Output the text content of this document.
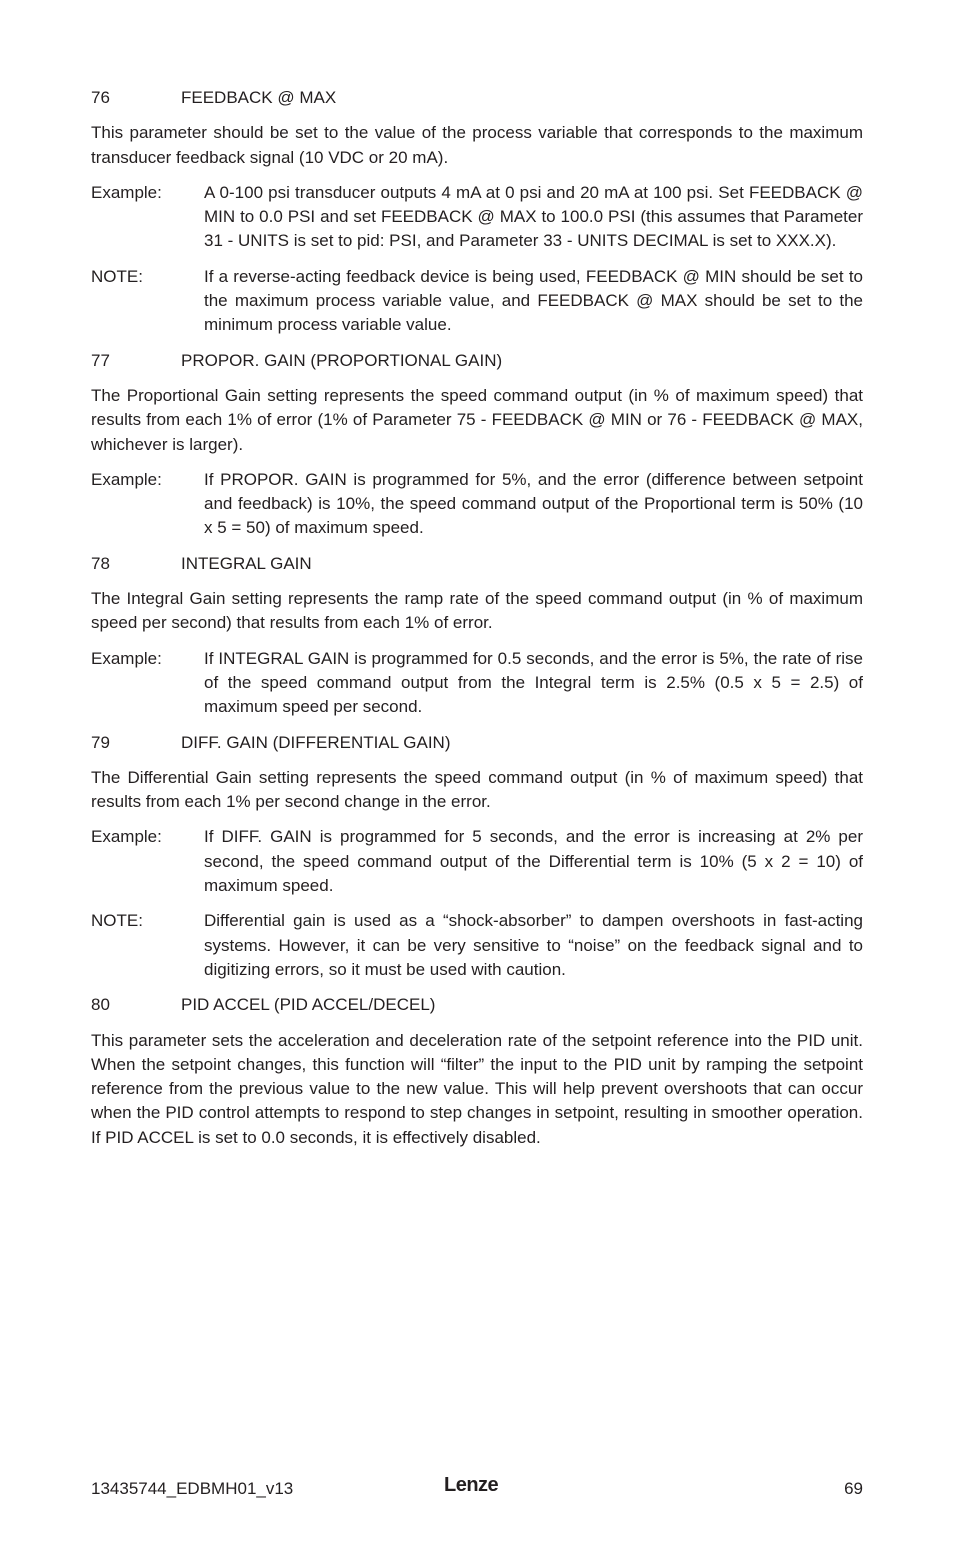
76	FEEDBACK @ MAX
This parameter should be set to the value of the process variable that corresponds to the maximum transducer feedback signal (10 VDC or 20 mA).
Example:	A 0-100 psi transducer outputs 4 mA at 0 psi and 20 mA at 100 psi. Set FEEDBACK @ MIN to 0.0 PSI and set FEEDBACK @ MAX to 100.0 PSI (this assumes that Parameter 31 - UNITS is set to pid: PSI, and Parameter 33 - UNITS DECIMAL is set to XXX.X).
NOTE:	If a reverse-acting feedback device is being used, FEEDBACK @ MIN should be set to the maximum process variable value, and FEEDBACK @ MAX should be set to the minimum process variable value.
77	PROPOR. GAIN (PROPORTIONAL GAIN)
The Proportional Gain setting represents the speed command output (in % of maximum speed) that results from each 1% of error (1% of Parameter 75 - FEEDBACK @ MIN or 76 - FEEDBACK @ MAX, whichever is larger).
Example:	If PROPOR. GAIN is programmed for 5%, and the error (difference between setpoint and feedback) is 10%, the speed command output of the Proportional term is 50% (10 x 5 = 50) of maximum speed.
78	INTEGRAL GAIN
The Integral Gain setting represents the ramp rate of the speed command output (in % of maximum speed per second) that results from each 1% of error.
Example:	If INTEGRAL GAIN is programmed for 0.5 seconds, and the error is 5%, the rate of rise of the speed command output from the Integral term is 2.5% (0.5 x 5 = 2.5) of maximum speed per second.
79	DIFF. GAIN (DIFFERENTIAL GAIN)
The Differential Gain setting represents the speed command output (in % of maximum speed) that results from each 1% per second change in the error.
Example:	If DIFF. GAIN is programmed for 5 seconds, and the error is increasing at 2% per second, the speed command output of the Differential term is 10% (5 x 2 = 10) of maximum speed.
NOTE:	Differential gain is used as a “shock-absorber” to dampen overshoots in fast-acting systems. However, it can be very sensitive to “noise” on the feedback signal and to digitizing errors, so it must be used with caution.
80	PID ACCEL (PID ACCEL/DECEL)
This parameter sets the acceleration and deceleration rate of the setpoint reference into the PID unit. When the setpoint changes, this function will “filter” the input to the PID unit by ramping the setpoint reference from the previous value to the new value. This will help prevent overshoots that can occur when the PID control attempts to respond to step changes in setpoint, resulting in smoother operation. If PID ACCEL is set to 0.0 seconds, it is effectively disabled.
13435744_EDBMH01_v13	Lenze	69
